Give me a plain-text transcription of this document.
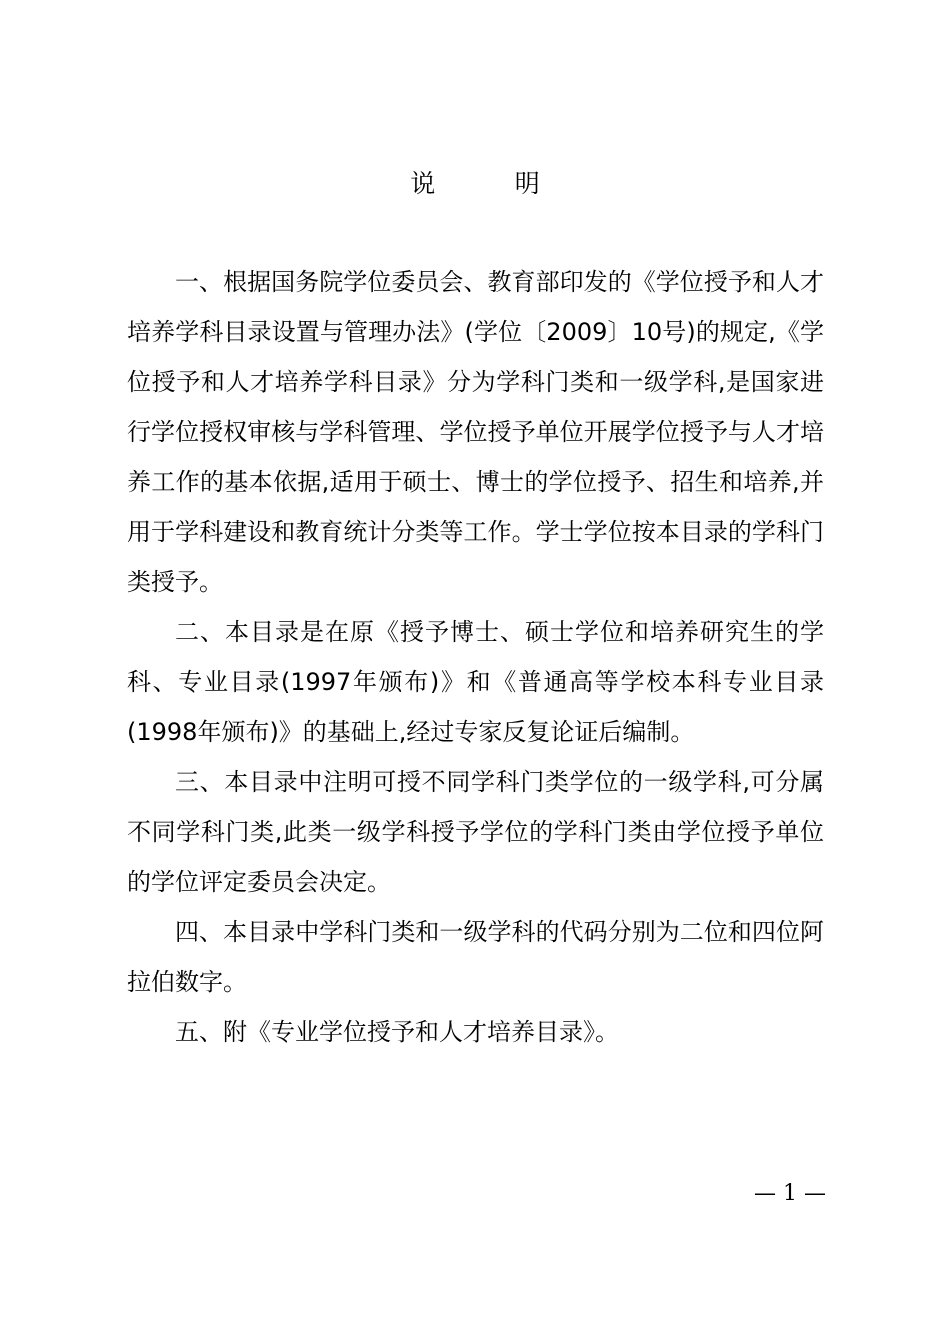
说          明

一、根据国务院学位委员会、教育部印发的《学位授予和人才培养学科目录设置与管理办法》(学位〔2009〕10号)的规定,《学位授予和人才培养学科目录》分为学科门类和一级学科,是国家进行学位授权审核与学科管理、学位授予单位开展学位授予与人才培养工作的基本依据,适用于硕士、博士的学位授予、招生和培养,并用于学科建设和教育统计分类等工作。学士学位按本目录的学科门类授予。

二、本目录是在原《授予博士、硕士学位和培养研究生的学科、专业目录(1997年颁布)》和《普通高等学校本科专业目录(1998年颁布)》的基础上,经过专家反复论证后编制。

三、本目录中注明可授不同学科门类学位的一级学科,可分属不同学科门类,此类一级学科授予学位的学科门类由学位授予单位的学位评定委员会决定。

四、本目录中学科门类和一级学科的代码分别为二位和四位阿拉伯数字。

五、附《专业学位授予和人才培养目录》。

— 1 —
